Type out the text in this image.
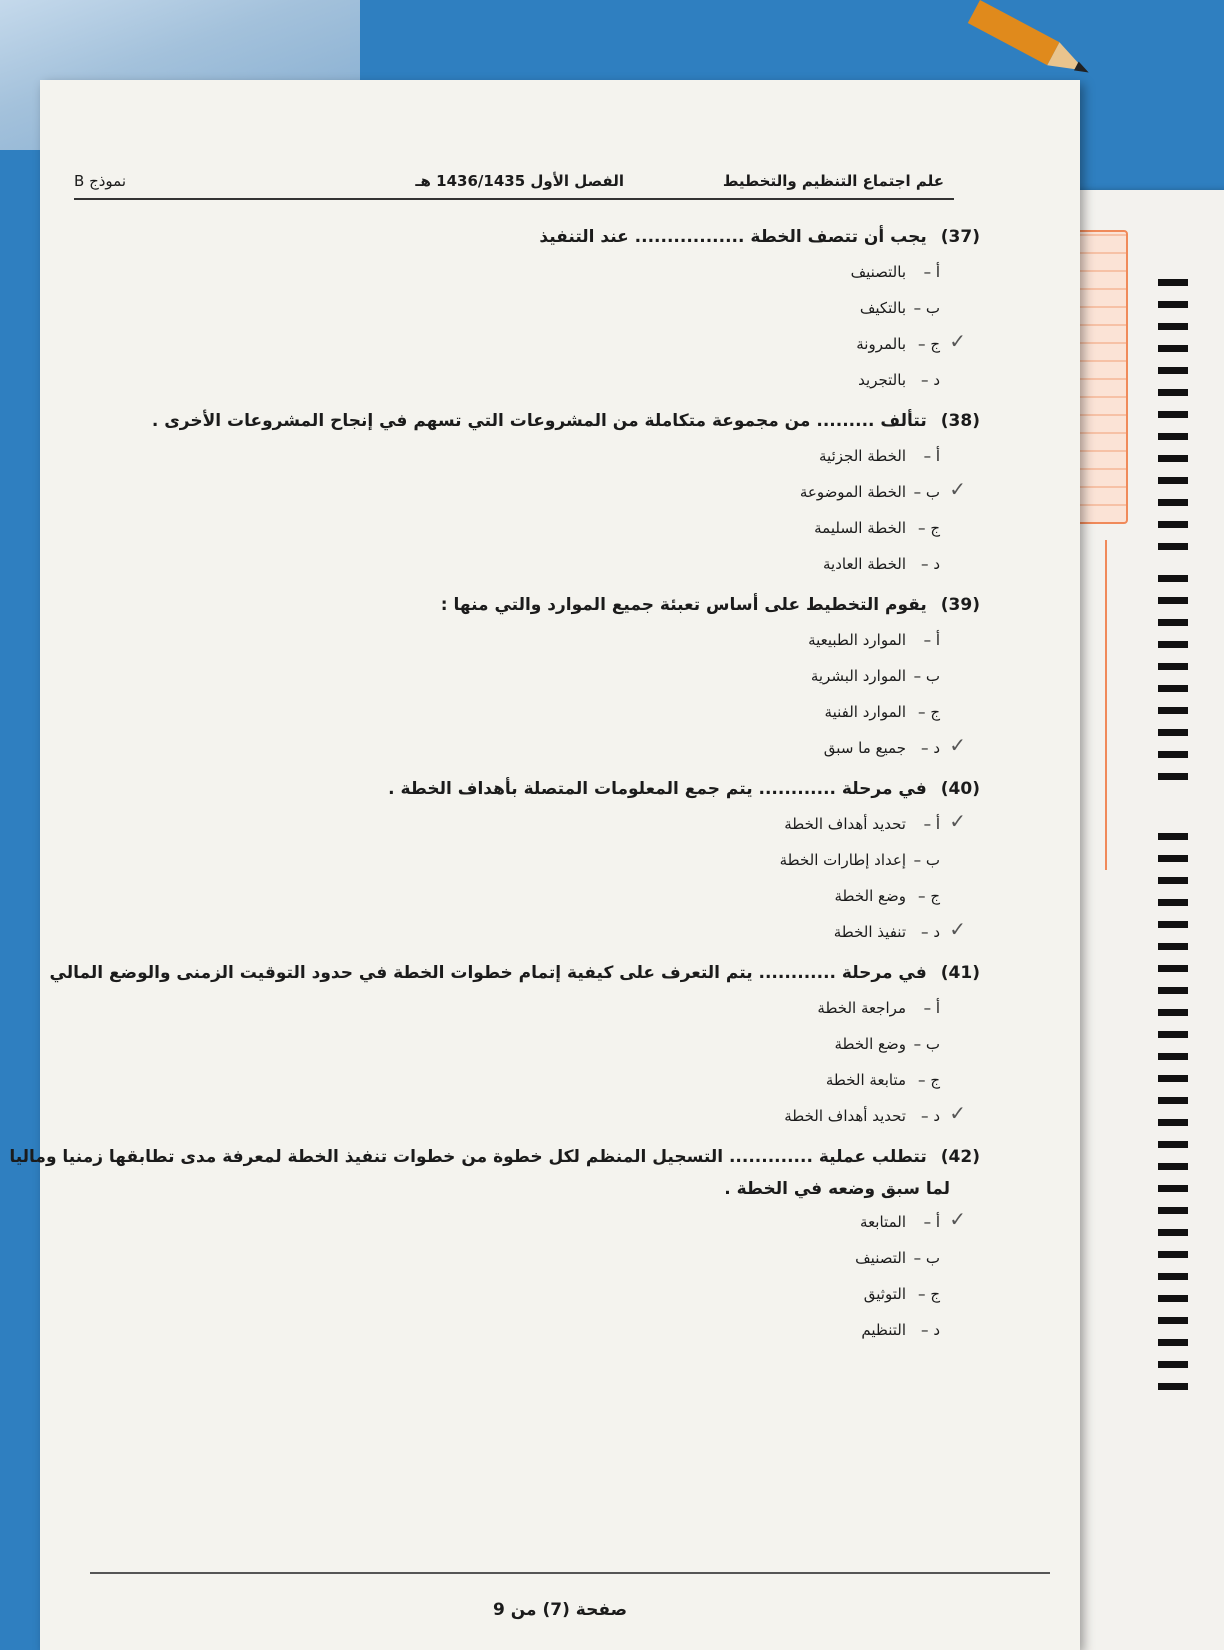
علم اجتماع التنظيم والتخطيط
الفصل الأول 1436/1435 هـ
نموذج B
(37)يجب أن تتصف الخطة ................. عند التنفيذ
أ –بالتصنيف
ب –بالتكيف
✓
ج –بالمرونة
د –بالتجريد
(38)تتألف ......... من مجموعة متكاملة من المشروعات التي تسهم في إنجاح المشروعات الأخرى .
أ –الخطة الجزئية
✓
ب –الخطة الموضوعة
ج –الخطة السليمة
د –الخطة العادية
(39)يقوم التخطيط على أساس تعبئة جميع الموارد والتي منها :
أ –الموارد الطبيعية
ب –الموارد البشرية
ج –الموارد الفنية
✓
د –جميع ما سبق
(40)في مرحلة ............ يتم جمع المعلومات المتصلة بأهداف الخطة .
✓
أ –تحديد أهداف الخطة
ب –إعداد إطارات الخطة
ج –وضع الخطة
✓
د –تنفيذ الخطة
(41)في مرحلة ............ يتم التعرف على كيفية إتمام خطوات الخطة في حدود التوقيت الزمنى والوضع المالي
أ –مراجعة الخطة
ب –وضع الخطة
ج –متابعة الخطة
✓
د –تحديد أهداف الخطة
(42)تتطلب عملية ............. التسجيل المنظم لكل خطوة من خطوات تنفيذ الخطة لمعرفة مدى تطابقها زمنيا وماليا
لما سبق وضعه في الخطة .
✓
أ –المتابعة
ب –التصنيف
ج –التوثيق
د –التنظيم
صفحة (7) من 9
